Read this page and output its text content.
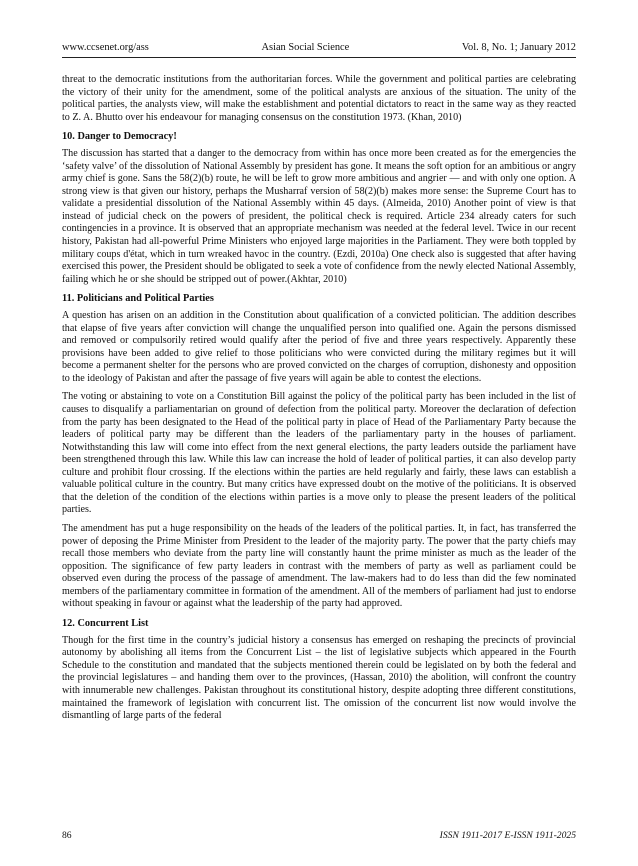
www.ccsenet.org/ass	Asian Social Science	Vol. 8, No. 1; January 2012

threat to the democratic institutions from the authoritarian forces. While the government and political parties are celebrating the victory of their unity for the amendment, some of the political analysts are anxious of the situation. The unity of the political parties, the analysts view, will make the establishment and potential dictators to react in the same way as they reacted to Z. A. Bhutto over his endeavour for managing consensus on the constitution 1973. (Khan, 2010)

10. Danger to Democracy!

The discussion has started that a danger to the democracy from within has once more been created as for the emergencies the ‘safety valve’ of the dissolution of National Assembly by president has gone. It means the soft option for an ambitious or angry army chief is gone. Sans the 58(2)(b) route, he will be left to grow more ambitious and angrier — and with only one option. A strong view is that given our history, perhaps the Musharraf version of 58(2)(b) makes more sense: the Supreme Court has to validate a presidential dissolution of the National Assembly within 45 days. (Almeida, 2010) Another point of view is that instead of judicial check on the powers of president, the political check is required. Article 234 already caters for such contingencies in a province. It is observed that an appropriate mechanism was needed at the federal level. Twice in our recent history, Pakistan had all-powerful Prime Ministers who enjoyed large majorities in the Parliament. They were both toppled by military coups d'état, which in turn wreaked havoc in the country. (Ezdi, 2010a) One check also is suggested that after having exercised this power, the President should be obligated to seek a vote of confidence from the newly elected National Assembly, failing which he or she should be stripped out of power.(Akhtar, 2010)

11. Politicians and Political Parties

A question has arisen on an addition in the Constitution about qualification of a convicted politician. The addition describes that elapse of five years after conviction will change the unqualified person into qualified one. Again the persons dismissed and removed or compulsorily retired would qualify after the period of five and three years respectively. Apparently these provisions have been added to give relief to those politicians who were convicted during the military regimes but it will become a permanent shelter for the persons who are proved convicted on the charges of corruption, dishonesty and opposition to the ideology of Pakistan and after the passage of five years will again be able to contest the elections.

The voting or abstaining to vote on a Constitution Bill against the policy of the political party has been included in the list of causes to disqualify a parliamentarian on ground of defection from the political party. Moreover the declaration of defection from the party has been designated to the Head of the political party in place of Head of the Parliamentary Party because the leaders of political party may be different than the leaders of the parliamentary party in the houses of parliament. Notwithstanding this law will come into effect from the next general elections, the party leaders outside the parliament have been strengthened through this law. While this law can increase the hold of leader of political parties, it can also develop party culture and prohibit flour crossing. If the elections within the parties are held regularly and fairly, these laws can establish a valuable political culture in the country. But many critics have expressed doubt on the motive of the politicians. It is observed that the deletion of the condition of the elections within parties is a move only to please the present leaders of the political parties.

The amendment has put a huge responsibility on the heads of the leaders of the political parties. It, in fact, has transferred the power of deposing the Prime Minister from President to the leader of the majority party. The power that the party chiefs may recall those members who deviate from the party line will constantly haunt the prime minister as much as the leader of the opposition. The significance of few party leaders in contrast with the members of party as well as parliament could be observed even during the process of the passage of amendment. The law-makers had to do less than did the few nominated members of the parliamentary committee in formation of the amendment. All of the members of parliament had just to endorse without speaking in favour or against what the leadership of the party had approved.

12. Concurrent List

Though for the first time in the country’s judicial history a consensus has emerged on reshaping the precincts of provincial autonomy by abolishing all items from the Concurrent List – the list of legislative subjects which appeared in the Fourth Schedule to the constitution and mandated that the subjects mentioned therein could be legislated on by both the federal and the provincial legislatures – and handing them over to the provinces, (Hassan, 2010) the abolition, will confront the country with innumerable new challenges. Pakistan throughout its constitutional history, despite adopting three different constitutions, maintained the framework of legislation with concurrent list. The omission of the concurrent list now would involve the dismantling of large parts of the federal

86	ISSN 1911-2017 E-ISSN 1911-2025
